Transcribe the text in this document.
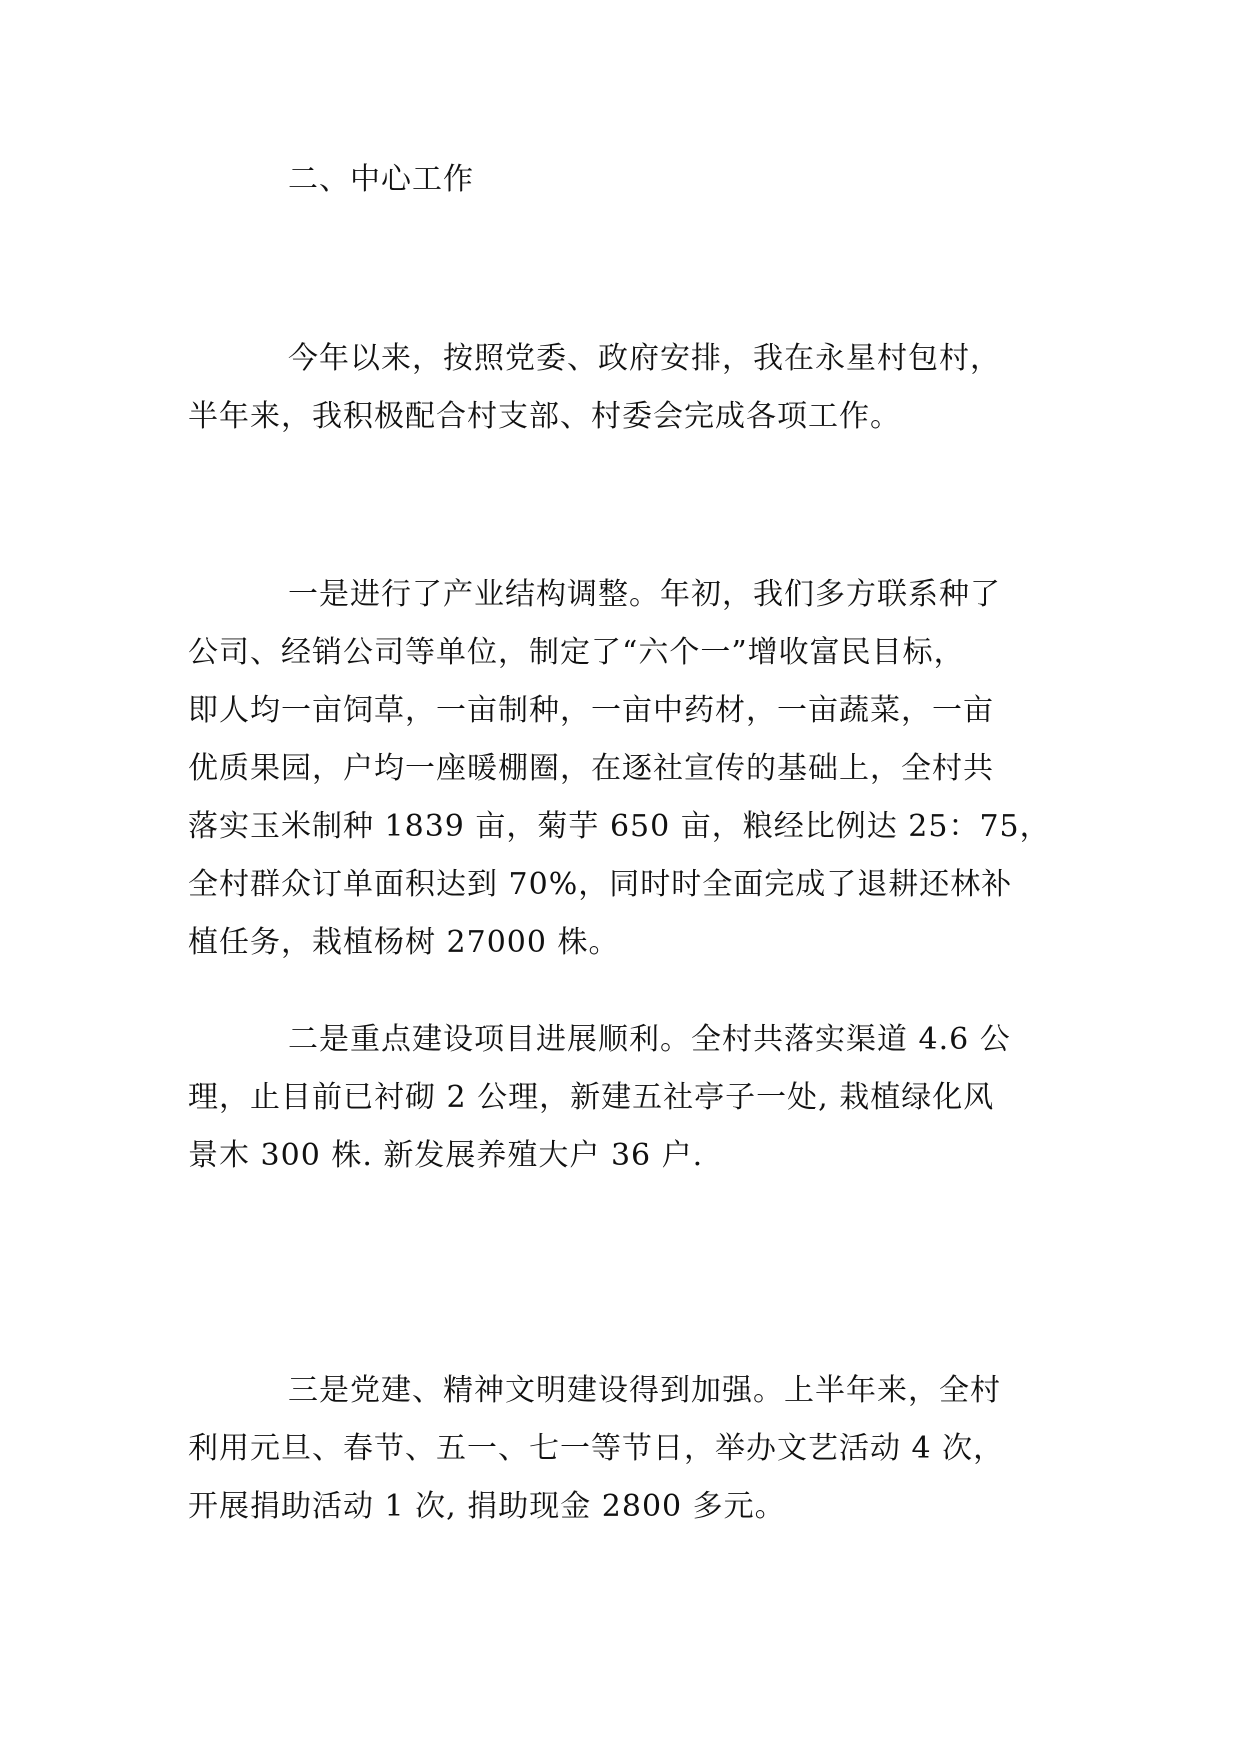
二、中心工作
今年以来，按照党委、政府安排，我在永星村包村，
半年来，我积极配合村支部、村委会完成各项工作。
一是进行了产业结构调整。年初，我们多方联系种了
公司、经销公司等单位，制定了“六个一”增收富民目标，
即人均一亩饲草，一亩制种，一亩中药材，一亩蔬菜，一亩
优质果园，户均一座暖棚圈，在逐社宣传的基础上，全村共
落实玉米制种 1839 亩，菊芋 650 亩，粮经比例达 25：75，
全村群众订单面积达到 70%，同时时全面完成了退耕还林补
植任务，栽植杨树 27000 株。
二是重点建设项目进展顺利。全村共落实渠道 4.6 公
理，止目前已衬砌 2 公理，新建五社亭子一处, 栽植绿化风
景木 300 株. 新发展养殖大户 36 户.
三是党建、精神文明建设得到加强。上半年来，全村
利用元旦、春节、五一、七一等节日，举办文艺活动 4 次，
开展捐助活动 1 次, 捐助现金 2800 多元。
